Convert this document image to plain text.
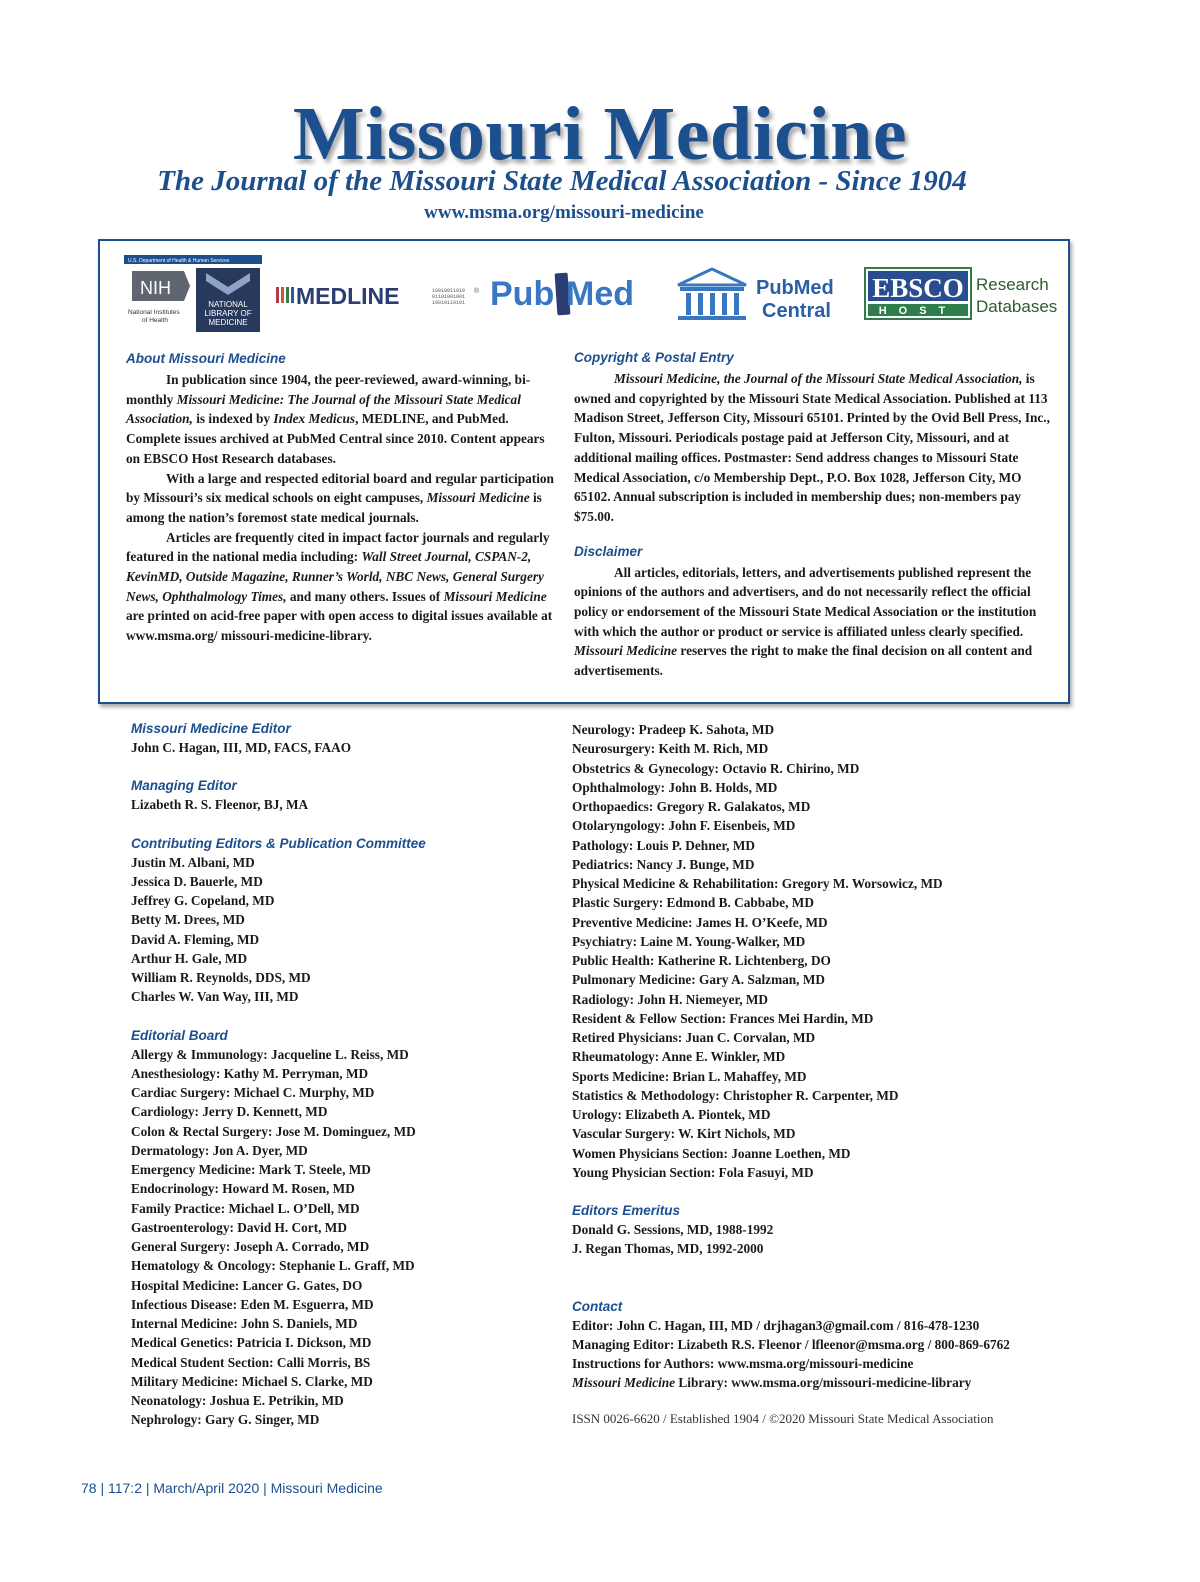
Missouri Medicine
The Journal of the Missouri State Medical Association - Since 1904
www.msma.org/missouri-medicine
U.S. Department of Health & Human Services
NIH
National Institutes
of Health
NATIONAL
LIBRARY OF
MEDICINE
MEDLINE	10010011010
01101001001
10010110101
® Pub Med	PubMed
Central
EBSCO
HOST
Research
Databases
About Missouri Medicine

In publication since 1904, the peer-reviewed, award-winning, bi-monthly Missouri Medicine: The Journal of the Missouri State Medical Association, is indexed by Index Medicus, MEDLINE, and PubMed. Complete issues archived at PubMed Central since 2010. Content appears on EBSCO Host Research databases.

With a large and respected editorial board and regular participation by Missouri’s six medical schools on eight campuses, Missouri Medicine is among the nation’s foremost state medical journals.

Articles are frequently cited in impact factor journals and regularly featured in the national media including: Wall Street Journal, CSPAN-2, KevinMD, Outside Magazine, Runner’s World, NBC News, General Surgery News, Ophthalmology Times, and many others. Issues of Missouri Medicine are printed on acid-free paper with open access to digital issues available at www.msma.org/ missouri-medicine-library.

Copyright & Postal Entry

Missouri Medicine, the Journal of the Missouri State Medical Association, is owned and copyrighted by the Missouri State Medical Association. Published at 113 Madison Street, Jefferson City, Missouri 65101. Printed by the Ovid Bell Press, Inc., Fulton, Missouri. Periodicals postage paid at Jefferson City, Missouri, and at additional mailing offices. Postmaster: Send address changes to Missouri State Medical Association, c/o Membership Dept., P.O. Box 1028, Jefferson City, MO 65102. Annual subscription is included in membership dues; non-members pay $75.00.

Disclaimer

All articles, editorials, letters, and advertisements published represent the opinions of the authors and advertisers, and do not necessarily reflect the official policy or endorsement of the Missouri State Medical Association or the institution with which the author or product or service is affiliated unless clearly specified. Missouri Medicine reserves the right to make the final decision on all content and advertisements.

Missouri Medicine Editor
John C. Hagan, III, MD, FACS, FAAO
Managing Editor
Lizabeth R. S. Fleenor, BJ, MA
Contributing Editors & Publication Committee
Justin M. Albani, MD
Jessica D. Bauerle, MD
Jeffrey G. Copeland, MD
Betty M. Drees, MD
David A. Fleming, MD
Arthur H. Gale, MD
William R. Reynolds, DDS, MD
Charles W. Van Way, III, MD
Editorial Board
Allergy & Immunology: Jacqueline L. Reiss, MD
Anesthesiology: Kathy M. Perryman, MD
Cardiac Surgery: Michael C. Murphy, MD
Cardiology: Jerry D. Kennett, MD
Colon & Rectal Surgery: Jose M. Dominguez, MD
Dermatology: Jon A. Dyer, MD
Emergency Medicine: Mark T. Steele, MD
Endocrinology: Howard M. Rosen, MD
Family Practice: Michael L. O’Dell, MD
Gastroenterology: David H. Cort, MD
General Surgery: Joseph A. Corrado, MD
Hematology & Oncology: Stephanie L. Graff, MD
Hospital Medicine: Lancer G. Gates, DO
Infectious Disease: Eden M. Esguerra, MD
Internal Medicine: John S. Daniels, MD
Medical Genetics: Patricia I. Dickson, MD
Medical Student Section: Calli Morris, BS
Military Medicine: Michael S. Clarke, MD
Neonatology: Joshua E. Petrikin, MD
Nephrology: Gary G. Singer, MD
Neurology: Pradeep K. Sahota, MD
Neurosurgery: Keith M. Rich, MD
Obstetrics & Gynecology: Octavio R. Chirino, MD
Ophthalmology: John B. Holds, MD
Orthopaedics: Gregory R. Galakatos, MD
Otolaryngology: John F. Eisenbeis, MD
Pathology: Louis P. Dehner, MD
Pediatrics: Nancy J. Bunge, MD
Physical Medicine & Rehabilitation: Gregory M. Worsowicz, MD
Plastic Surgery: Edmond B. Cabbabe, MD
Preventive Medicine: James H. O’Keefe, MD
Psychiatry: Laine M. Young-Walker, MD
Public Health: Katherine R. Lichtenberg, DO
Pulmonary Medicine: Gary A. Salzman, MD
Radiology: John H. Niemeyer, MD
Resident & Fellow Section: Frances Mei Hardin, MD
Retired Physicians: Juan C. Corvalan, MD
Rheumatology: Anne E. Winkler, MD
Sports Medicine: Brian L. Mahaffey, MD
Statistics & Methodology: Christopher R. Carpenter, MD
Urology: Elizabeth A. Piontek, MD
Vascular Surgery: W. Kirt Nichols, MD
Women Physicians Section: Joanne Loethen, MD
Young Physician Section: Fola Fasuyi, MD
Editors Emeritus
Donald G. Sessions, MD, 1988-1992
J. Regan Thomas, MD, 1992-2000
Contact
Editor: John C. Hagan, III, MD / drjhagan3@gmail.com / 816-478-1230
Managing Editor: Lizabeth R.S. Fleenor / lfleenor@msma.org / 800-869-6762
Instructions for Authors: www.msma.org/missouri-medicine
Missouri Medicine Library: www.msma.org/missouri-medicine-library
ISSN 0026-6620 / Established 1904 / ©2020 Missouri State Medical Association
78 | 117:2 | March/April 2020 | Missouri Medicine
